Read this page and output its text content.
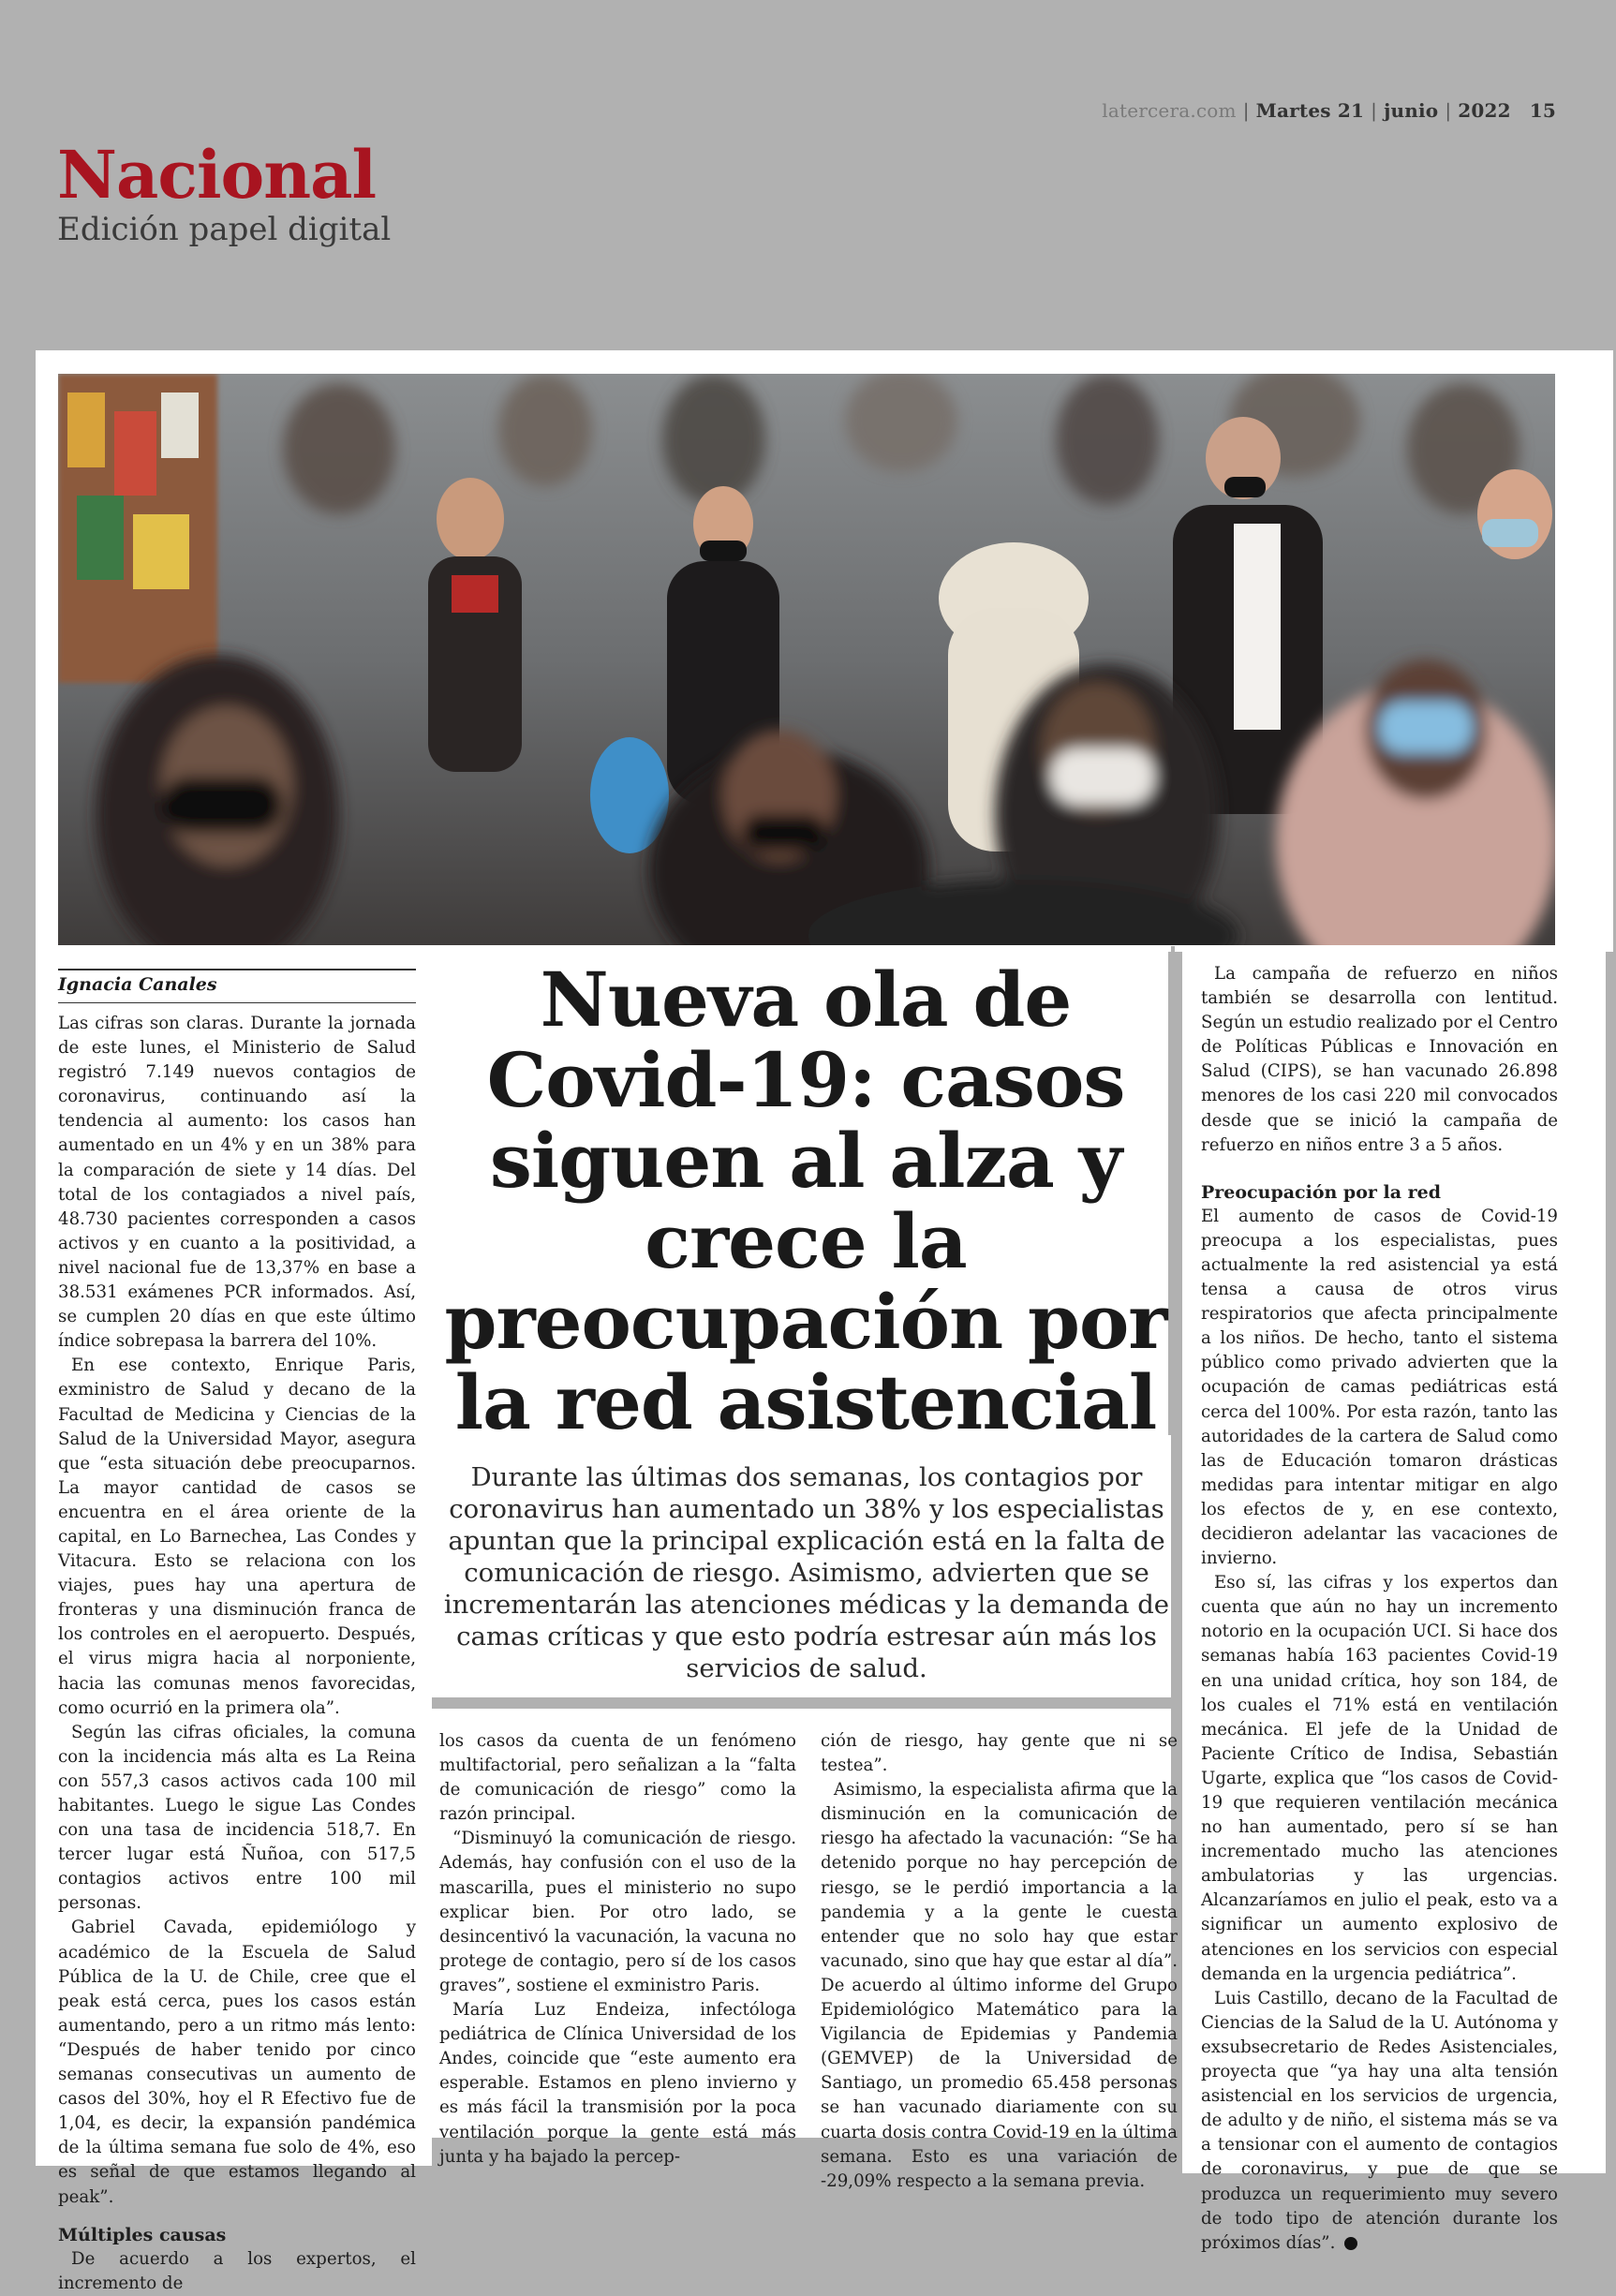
latercera.com | Martes 21 | junio | 2022 15
Nacional
Edición papel digital
Ignacia Canales

Las cifras son claras. Durante la jornada de este lunes, el Ministerio de Salud registró 7.149 nuevos contagios de coronavirus, continuando así la tendencia al aumento: los casos han aumentado en un 4% y en un 38% para la comparación de siete y 14 días. Del total de los contagiados a nivel país, 48.730 pacientes corresponden a casos activos y en cuanto a la positividad, a nivel nacional fue de 13,37% en base a 38.531 exámenes PCR informados. Así, se cumplen 20 días en que este último índice sobrepasa la barrera del 10%.

En ese contexto, Enrique Paris, exministro de Salud y decano de la Facultad de Medicina y Ciencias de la Salud de la Universidad Mayor, asegura que “esta situación debe preocuparnos. La mayor cantidad de casos se encuentra en el área oriente de la capital, en Lo Barnechea, Las Condes y Vitacura. Esto se relaciona con los viajes, pues hay una apertura de fronteras y una disminución franca de los controles en el aeropuerto. Después, el virus migra hacia al norponiente, hacia las comunas menos favorecidas, como ocurrió en la primera ola”.

Según las cifras oficiales, la comuna con la incidencia más alta es La Reina con 557,3 casos activos cada 100 mil habitantes. Luego le sigue Las Condes con una tasa de incidencia 518,7. En tercer lugar está Ñuñoa, con 517,5 contagios activos entre 100 mil personas.

Gabriel Cavada, epidemiólogo y académico de la Escuela de Salud Pública de la U. de Chile, cree que el peak está cerca, pues los casos están aumentando, pero a un ritmo más lento: “Después de haber tenido por cinco semanas consecutivas un aumento de casos del 30%, hoy el R Efectivo fue de 1,04, es decir, la expansión pandémica de la última semana fue solo de 4%, eso es señal de que estamos llegando al peak”.

Múltiples causas

De acuerdo a los expertos, el incremento de

Nueva ola de Covid-19: casos siguen al alza y crece la preocupación por la red asistencial
Durante las últimas dos semanas, los contagios por coronavirus han aumentado un 38% y los especialistas apuntan que la principal explicación está en la falta de comunicación de riesgo. Asimismo, advierten que se incrementarán las atenciones médicas y la demanda de camas críticas y que esto podría estresar aún más los servicios de salud.

los casos da cuenta de un fenómeno multifactorial, pero señalizan a la “falta de comunicación de riesgo” como la razón principal.

“Disminuyó la comunicación de riesgo. Además, hay confusión con el uso de la mascarilla, pues el ministerio no supo explicar bien. Por otro lado, se desincentivó la vacunación, la vacuna no protege de contagio, pero sí de los casos graves”, sostiene el exministro Paris.

María Luz Endeiza, infectóloga pediátrica de Clínica Universidad de los Andes, coincide que “este aumento era esperable. Estamos en pleno invierno y es más fácil la transmisión por la poca ventilación porque la gente está más junta y ha bajado la percep-

ción de riesgo, hay gente que ni se testea”.

Asimismo, la especialista afirma que la disminución en la comunicación de riesgo ha afectado la vacunación: “Se ha detenido porque no hay percepción de riesgo, se le perdió importancia a la pandemia y a la gente le cuesta entender que no solo hay que estar vacunado, sino que hay que estar al día”. De acuerdo al último informe del Grupo Epidemiológico Matemático para la Vigilancia de Epidemias y Pandemia (GEMVEP) de la Universidad de Santiago, un promedio 65.458 personas se han vacunado diariamente con su cuarta dosis contra Covid-19 en la última semana. Esto es una variación de -29,09% respecto a la semana previa.

La campaña de refuerzo en niños también se desarrolla con lentitud. Según un estudio realizado por el Centro de Políticas Públicas e Innovación en Salud (CIPS), se han vacunado 26.898 menores de los casi 220 mil convocados desde que se inició la campaña de refuerzo en niños entre 3 a 5 años.

Preocupación por la red

El aumento de casos de Covid-19 preocupa a los especialistas, pues actualmente la red asistencial ya está tensa a causa de otros virus respiratorios que afecta principalmente a los niños. De hecho, tanto el sistema público como privado advierten que la ocupación de camas pediátricas está cerca del 100%. Por esta razón, tanto las autoridades de la cartera de Salud como las de Educación tomaron drásticas medidas para intentar mitigar en algo los efectos de y, en ese contexto, decidieron adelantar las vacaciones de invierno.

Eso sí, las cifras y los expertos dan cuenta que aún no hay un incremento notorio en la ocupación UCI. Si hace dos semanas había 163 pacientes Covid-19 en una unidad crítica, hoy son 184, de los cuales el 71% está en ventilación mecánica. El jefe de la Unidad de Paciente Crítico de Indisa, Sebastián Ugarte, explica que “los casos de Covid-19 que requieren ventilación mecánica no han aumentado, pero sí se han incrementado mucho las atenciones ambulatorias y las urgencias. Alcanzaríamos en julio el peak, esto va a significar un aumento explosivo de atenciones en los servicios con especial demanda en la urgencia pediátrica”.

Luis Castillo, decano de la Facultad de Ciencias de la Salud de la U. Autónoma y exsubsecretario de Redes Asistenciales, proyecta que “ya hay una alta tensión asistencial en los servicios de urgencia, de adulto y de niño, el sistema más se va a tensionar con el aumento de contagios de coronavirus, y pue de que se produzca un requerimiento muy severo de todo tipo de atención durante los próximos días”.
